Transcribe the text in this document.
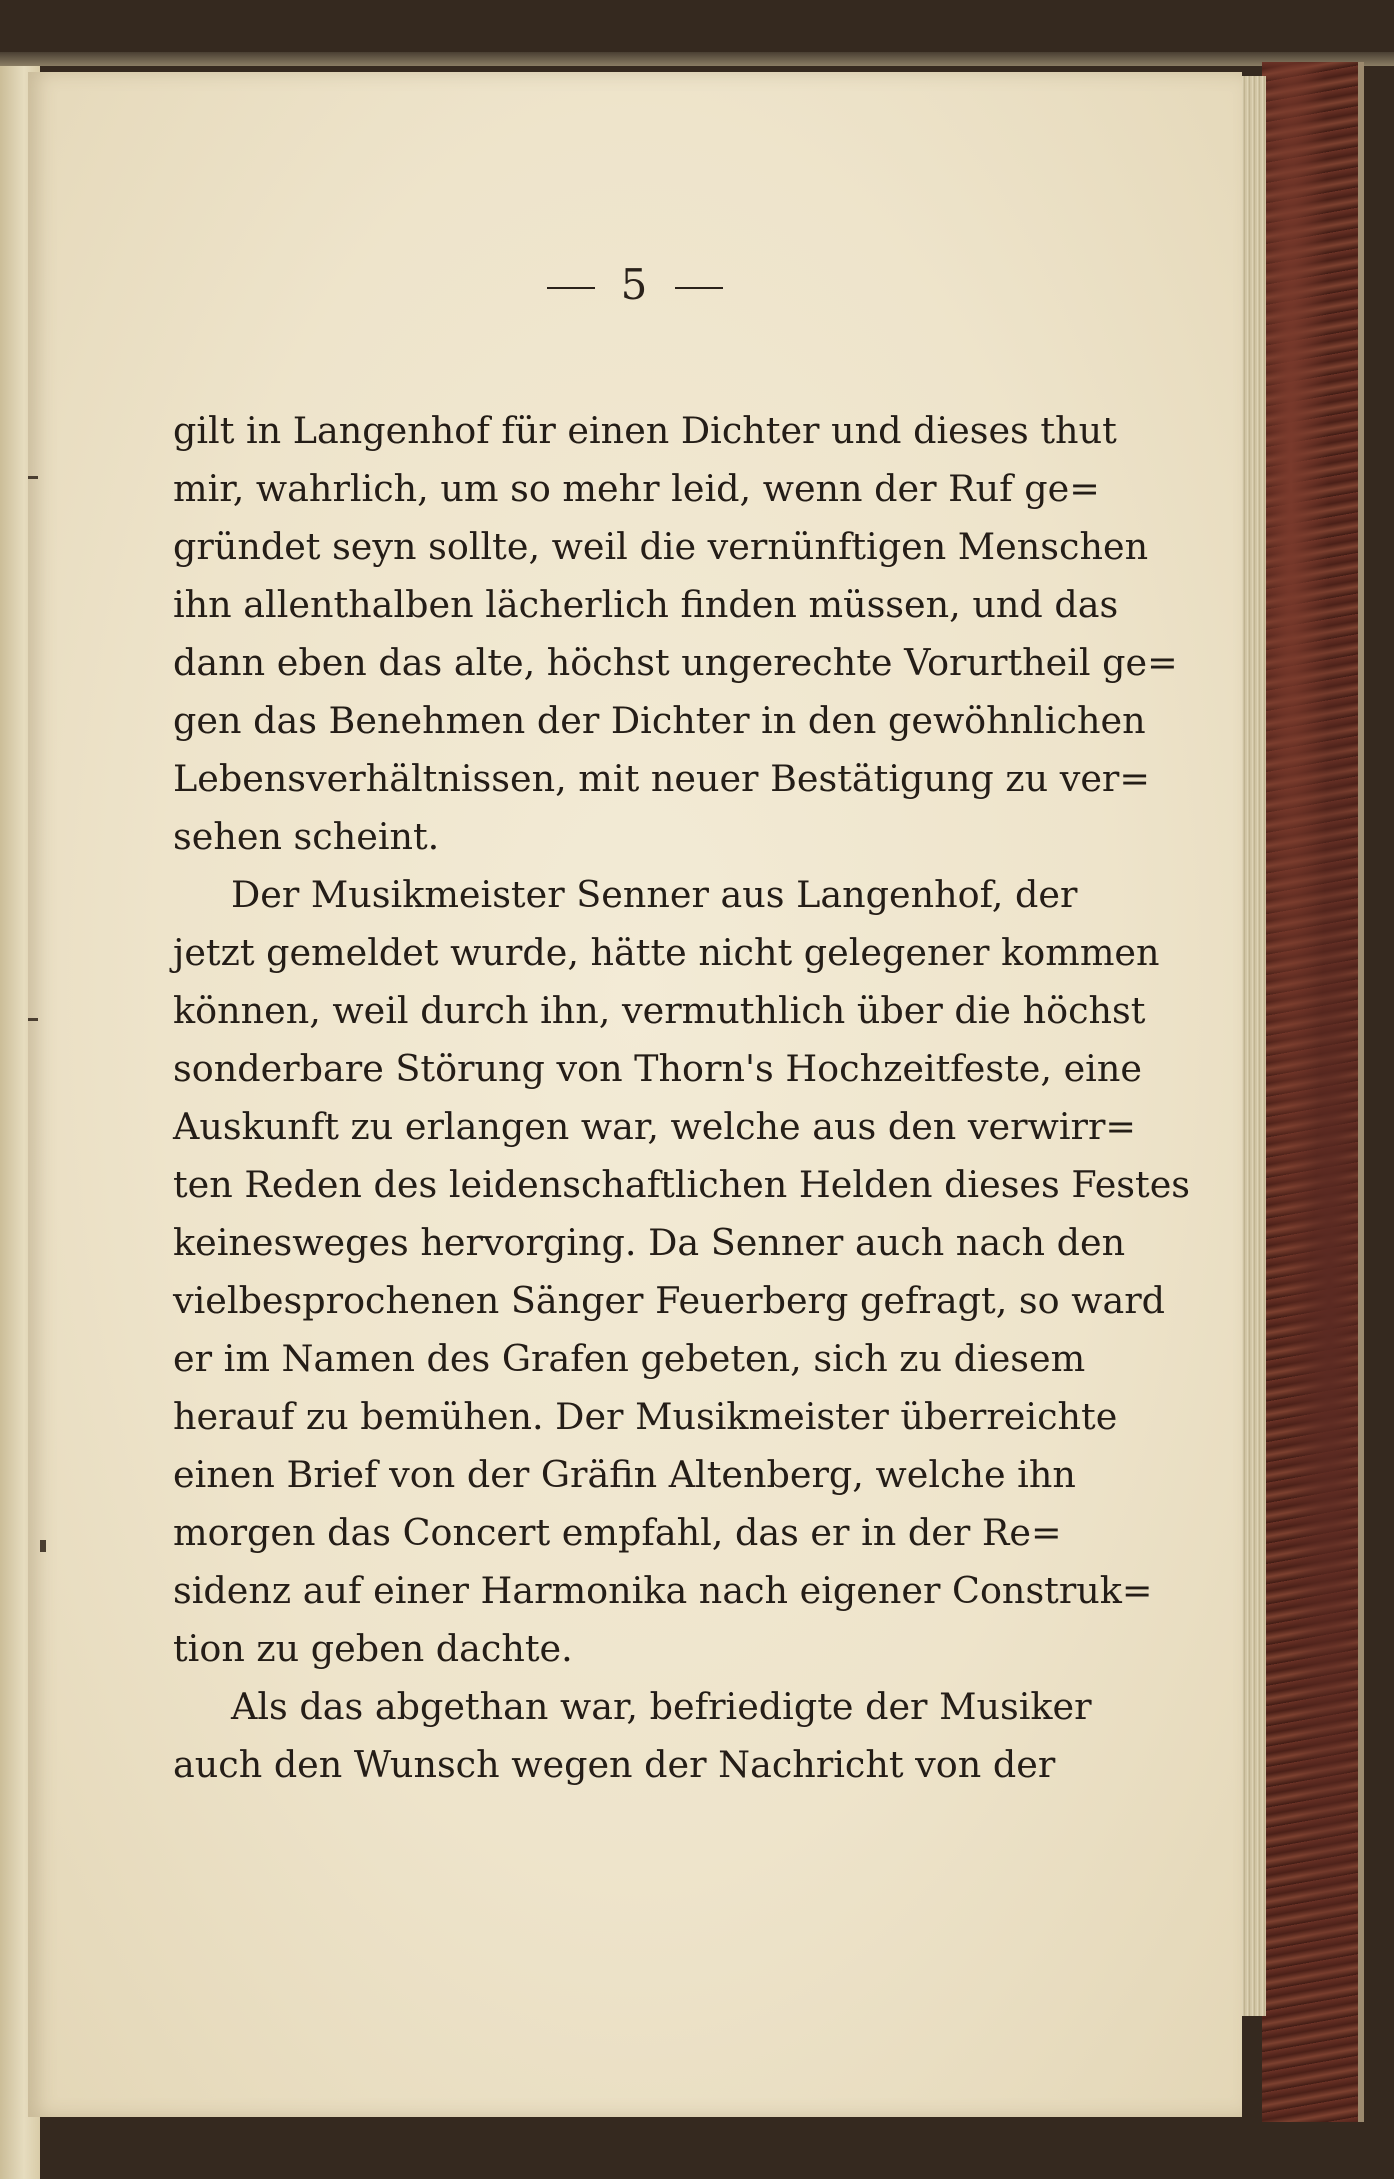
5
gilt in Langenhof für einen Dichter und dieses thut
mir, wahrlich, um so mehr leid, wenn der Ruf ge=
gründet seyn sollte, weil die vernünftigen Menschen
ihn allenthalben lächerlich finden müssen, und das
dann eben das alte, höchst ungerechte Vorurtheil ge=
gen das Benehmen der Dichter in den gewöhnlichen
Lebensverhältnissen, mit neuer Bestätigung zu ver=
sehen scheint.
Der Musikmeister Senner aus Langenhof, der
jetzt gemeldet wurde, hätte nicht gelegener kommen
können, weil durch ihn, vermuthlich über die höchst
sonderbare Störung von Thorn's Hochzeitfeste, eine
Auskunft zu erlangen war, welche aus den verwirr=
ten Reden des leidenschaftlichen Helden dieses Festes
keinesweges hervorging. Da Senner auch nach den
vielbesprochenen Sänger Feuerberg gefragt, so ward
er im Namen des Grafen gebeten, sich zu diesem
herauf zu bemühen. Der Musikmeister überreichte
einen Brief von der Gräfin Altenberg, welche ihn
morgen das Concert empfahl, das er in der Re=
sidenz auf einer Harmonika nach eigener Construk=
tion zu geben dachte.
Als das abgethan war, befriedigte der Musiker
auch den Wunsch wegen der Nachricht von der
